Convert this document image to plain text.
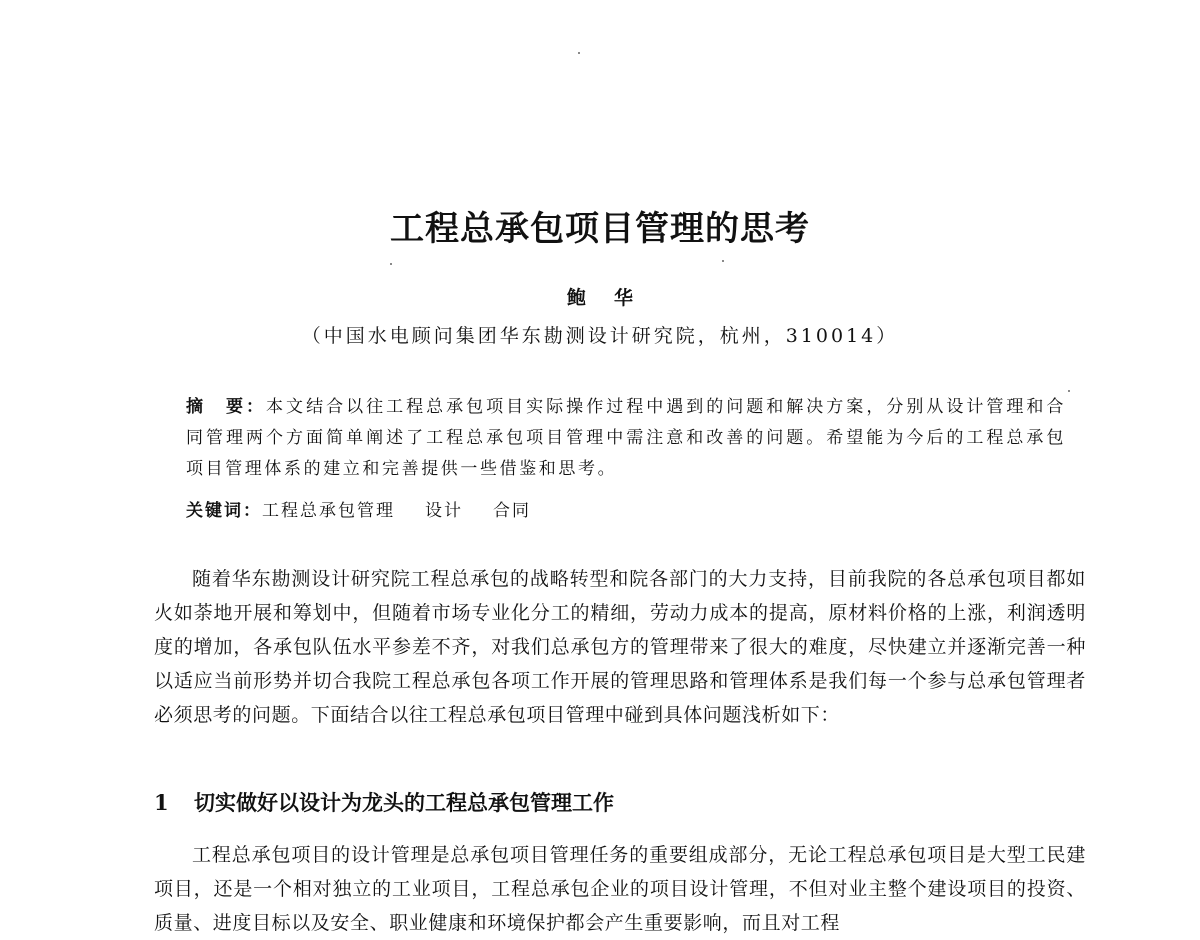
工程总承包项目管理的思考
鲍华
（中国水电顾问集团华东勘测设计研究院，杭州，310014）
摘　要：本文结合以往工程总承包项目实际操作过程中遇到的问题和解决方案，分别从设计管理和合同管理两个方面简单阐述了工程总承包项目管理中需注意和改善的问题。希望能为今后的工程总承包项目管理体系的建立和完善提供一些借鉴和思考。
关键词：工程总承包管理 设计 合同
随着华东勘测设计研究院工程总承包的战略转型和院各部门的大力支持，目前我院的各总承包项目都如火如荼地开展和筹划中，但随着市场专业化分工的精细，劳动力成本的提高，原材料价格的上涨，利润透明度的增加，各承包队伍水平参差不齐，对我们总承包方的管理带来了很大的难度，尽快建立并逐渐完善一种以适应当前形势并切合我院工程总承包各项工作开展的管理思路和管理体系是我们每一个参与总承包管理者必须思考的问题。下面结合以往工程总承包项目管理中碰到具体问题浅析如下：
1 切实做好以设计为龙头的工程总承包管理工作
工程总承包项目的设计管理是总承包项目管理任务的重要组成部分，无论工程总承包项目是大型工民建项目，还是一个相对独立的工业项目，工程总承包企业的项目设计管理，不但对业主整个建设项目的投资、质量、进度目标以及安全、职业健康和环境保护都会产生重要影响，而且对工程
